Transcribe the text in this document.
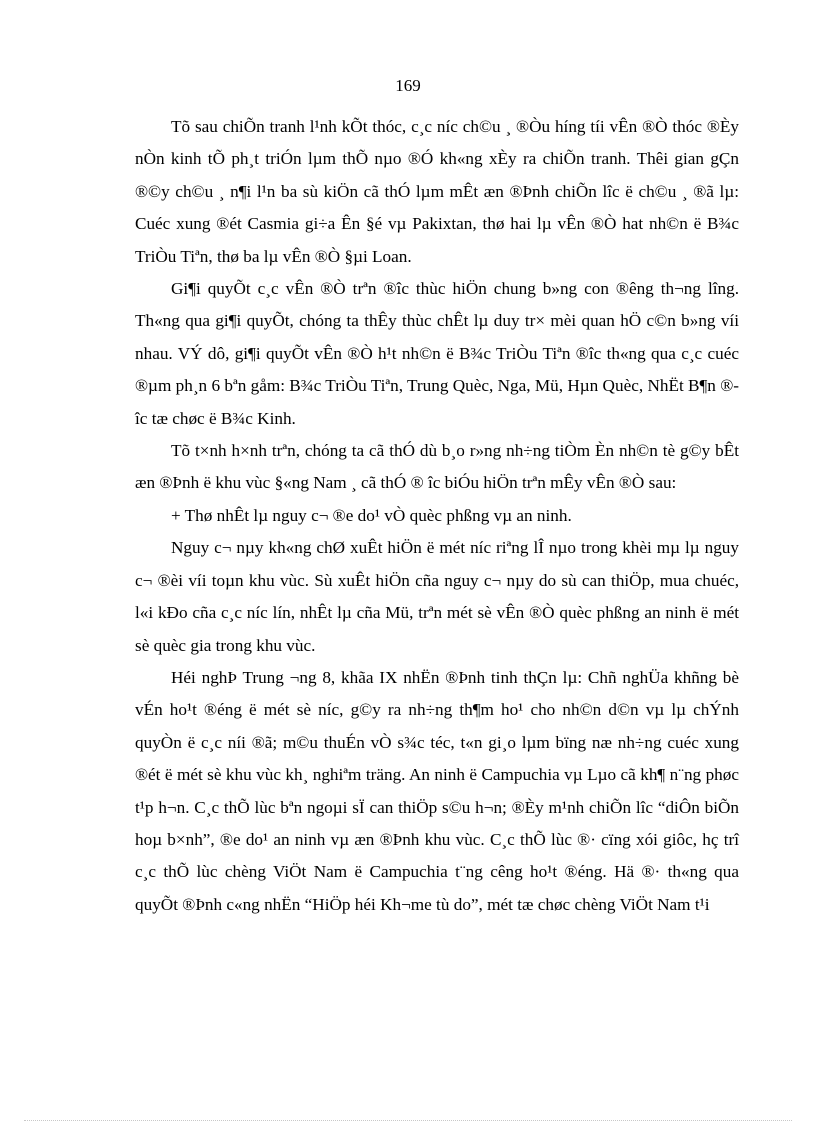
169

Tõ sau chiÕn tranh l¹nh kÕt thóc, c¸c níc ch©u ¸ ®Òu híng tíi vÊn ®Ò thóc ®Èy nÒn kinh tÕ ph¸t triÓn lµm thÕ nµo ®Ó kh«ng xÈy ra chiÕn tranh. Thêi gian gÇn ®©y ch©u ¸ n¶i l¹n ba sù kiÖn cã thÓ lµm mÊt æn ®Þnh chiÕn lîc ë ch©u ¸ ®ã lµ: Cuéc xung ®ét Casmia gi÷a Ên §é vµ Pakixtan, thø hai lµ vÊn ®Ò hat nh©n ë B¾c TriÒu Tiªn, thø ba lµ vÊn ®Ò §µi Loan.

Gi¶i quyÕt c¸c vÊn ®Ò trªn ®îc thùc hiÖn chung b»ng con ®êng th¬ng lîng. Th«ng qua gi¶i quyÕt, chóng ta thÊy thùc chÊt lµ duy tr× mèi quan hÖ c©n b»ng víi nhau. VÝ dô, gi¶i quyÕt vÊn ®Ò h¹t nh©n ë B¾c TriÒu Tiªn ®îc th«ng qua c¸c cuéc ®µm ph¸n 6 bªn gåm: B¾c TriÒu Tiªn, Trung Quèc, Nga, Mü, Hµn Quèc, NhËt B¶n ®îc tæ chøc ë B¾c Kinh.

Tõ t×nh h×nh trªn, chóng ta cã thÓ dù b¸o r»ng nh÷ng tiÒm Èn nh©n tè g©y bÊt æn ®Þnh ë khu vùc §«ng Nam ¸ cã thÓ ® îc biÓu hiÖn trªn mÊy vÊn ®Ò sau:

+ Thø nhÊt lµ nguy c¬ ®e do¹ vÒ quèc phßng vµ an ninh.

Nguy c¬ nµy kh«ng chØ xuÊt hiÖn ë mét níc riªng lÎ nµo trong khèi mµ lµ nguy c¬ ®èi víi toµn khu vùc. Sù xuÊt hiÖn cña nguy c¬ nµy do sù can thiÖp, mua chuéc, l«i kÐo cña c¸c níc lín, nhÊt lµ cña Mü, trªn mét sè vÊn ®Ò quèc phßng an ninh ë mét sè quèc gia trong khu vùc.

Héi nghÞ Trung ¬ng 8, khãa IX nhËn ®Þnh tinh thÇn lµ: Chñ nghÜa khñng bè vÉn ho¹t ®éng ë mét sè níc, g©y ra nh÷ng th¶m ho¹ cho nh©n d©n vµ lµ chÝnh quyÒn ë c¸c níi ®ã; m©u thuÉn vÒ s¾c téc, t«n gi¸o lµm bïng næ nh÷ng cuéc xung ®ét ë mét sè khu vùc kh¸ nghiªm träng. An ninh ë Campuchia vµ Lµo cã kh¶ n¨ng phøc t¹p h¬n. C¸c thÕ lùc bªn ngoµi sÏ can thiÖp s©u h¬n; ®Èy m¹nh chiÕn lîc “diÔn biÕn hoµ b×nh”, ®e do¹ an ninh vµ æn ®Þnh khu vùc. C¸c thÕ lùc ®· cïng xói giôc, hç trî c¸c thÕ lùc chèng ViÖt Nam ë Campuchia t¨ng cêng ho¹t ®éng. Hä ®· th«ng qua quyÕt ®Þnh c«ng nhËn “HiÖp héi Kh¬me tù do”, mét tæ chøc chèng ViÖt Nam t¹i
